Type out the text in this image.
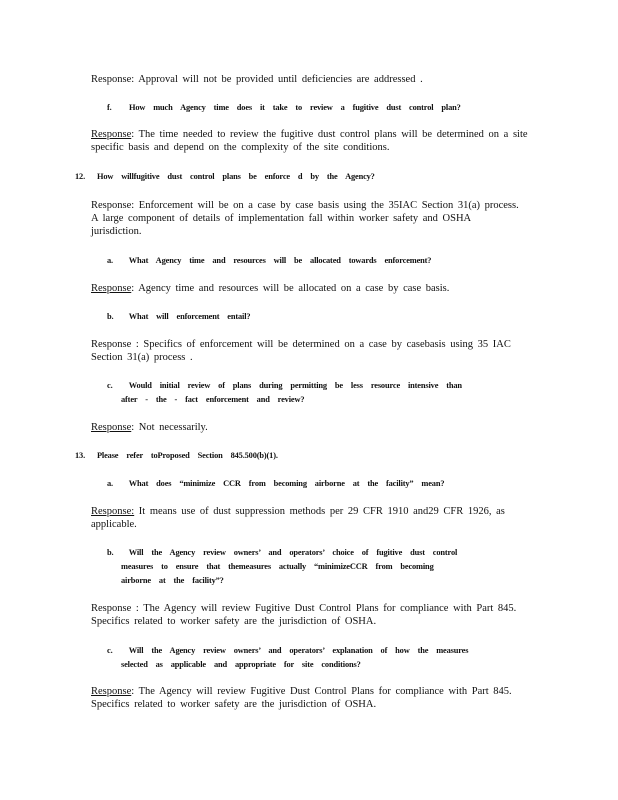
Response: Approval will not be provided until deficiencies are addressed .
f. How much Agency time does it take to review a fugitive dust control plan?
Response: The time needed to review the fugitive dust control plans will be determined on a site
specific basis and depend on the complexity of the site conditions.
12. How willfugitive dust control plans be enforce d by the Agency?
Response: Enforcement will be on a case by case basis using the 35IAC Section 31(a) process.
A large component of details of implementation fall within worker safety and OSHA
jurisdiction.
a. What Agency time and resources will be allocated towards enforcement?
Response: Agency time and resources will be allocated on a case by case basis.
b. What will enforcement entail?
Response : Specifics of enforcement will be determined on a case by casebasis using 35 IAC
Section 31(a) process .
c. Would initial review of plans during permitting be less resource intensive than
after - the - fact enforcement and review?
Response: Not necessarily.
13. Please refer toProposed Section 845.500(b)(1).
a. What does “minimize CCR from becoming airborne at the facility” mean?
Response: It means use of dust suppression methods per 29 CFR 1910 and29 CFR 1926, as
applicable.
b. Will the Agency review owners’ and operators’ choice of fugitive dust control
measures to ensure that themeasures actually “minimizeCCR from becoming
airborne at the facility”?
Response : The Agency will review Fugitive Dust Control Plans for compliance with Part 845.
Specifics related to worker safety are the jurisdiction of OSHA.
c. Will the Agency review owners’ and operators’ explanation of how the measures
selected as applicable and appropriate for site conditions?
Response: The Agency will review Fugitive Dust Control Plans for compliance with Part 845.
Specifics related to worker safety are the jurisdiction of OSHA.
